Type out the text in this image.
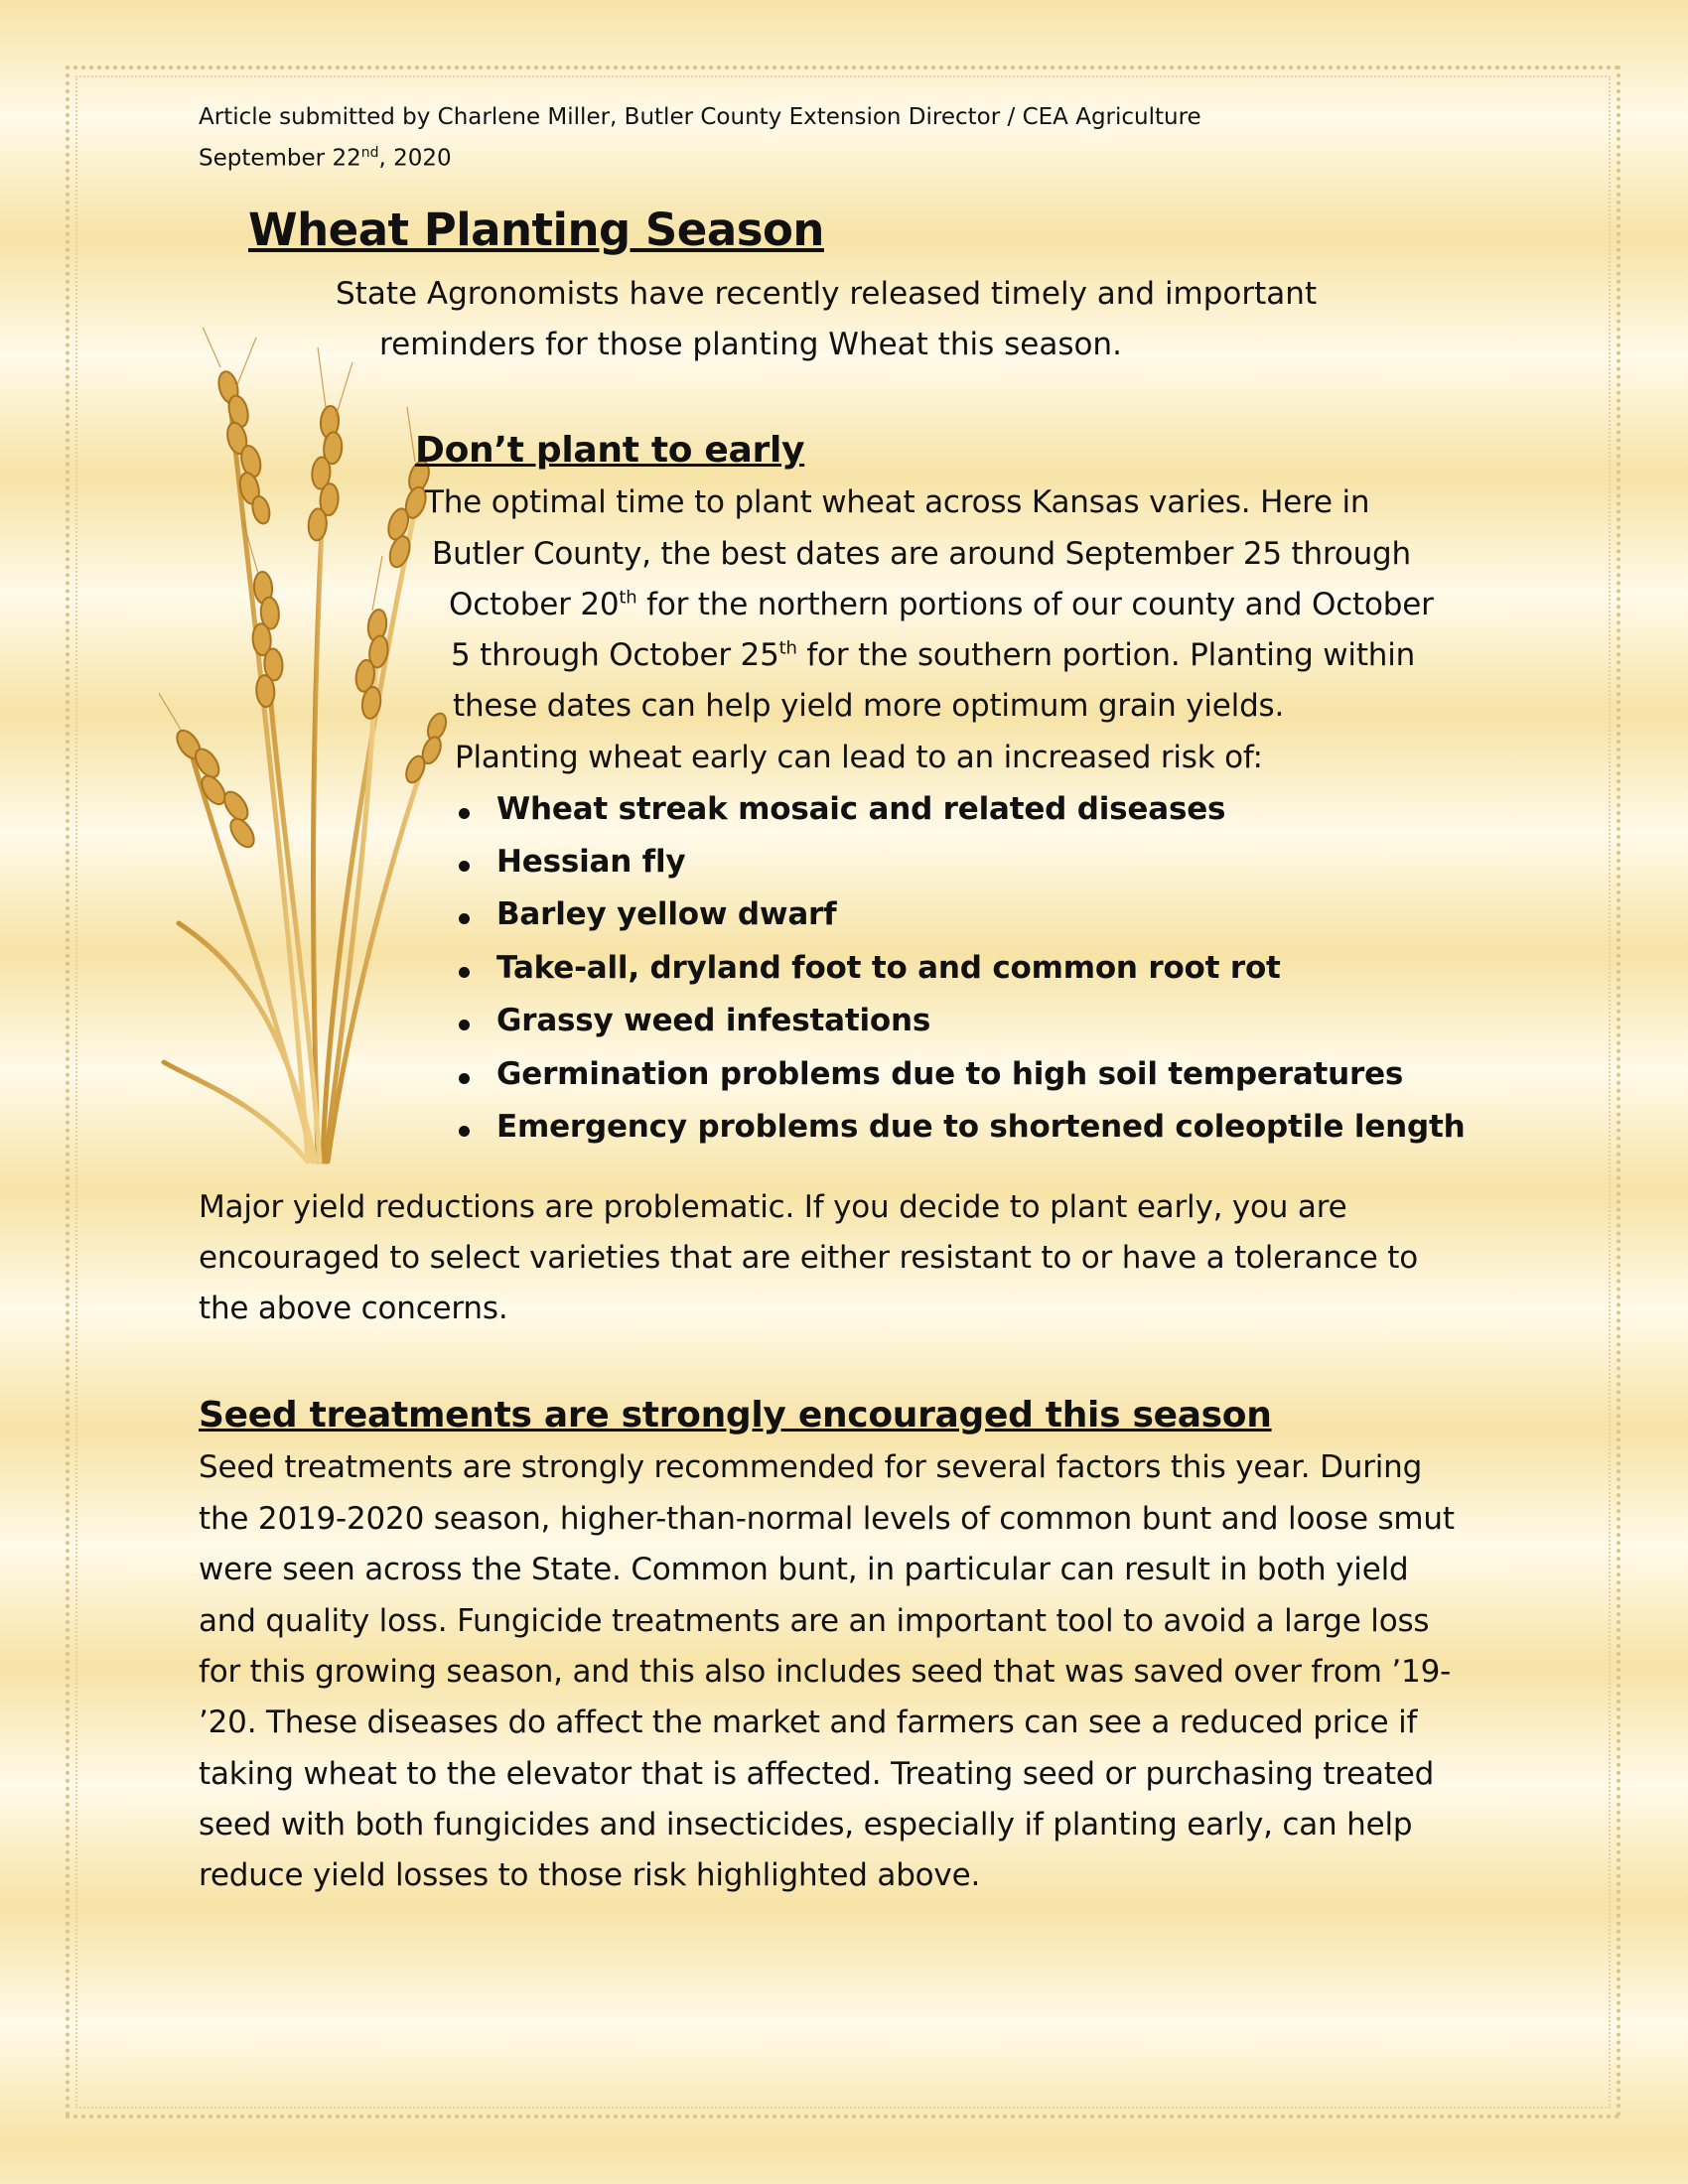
Article submitted by Charlene Miller, Butler County Extension Director / CEA Agriculture
September 22nd, 2020
Wheat Planting Season
State Agronomists have recently released timely and important
reminders for those planting Wheat this season.
Don’t plant to early
The optimal time to plant wheat across Kansas varies. Here in
Butler County, the best dates are around September 25 through
October 20th for the northern portions of our county and October
5 through October 25th for the southern portion. Planting within
these dates can help yield more optimum grain yields.
Planting wheat early can lead to an increased risk of:
Wheat streak mosaic and related diseases
Hessian fly
Barley yellow dwarf
Take-all, dryland foot to and common root rot
Grassy weed infestations
Germination problems due to high soil temperatures
Emergency problems due to shortened coleoptile length
Major yield reductions are problematic. If you decide to plant early, you are
encouraged to select varieties that are either resistant to or have a tolerance to
the above concerns.
Seed treatments are strongly encouraged this season
Seed treatments are strongly recommended for several factors this year. During
the 2019-2020 season, higher-than-normal levels of common bunt and loose smut
were seen across the State. Common bunt, in particular can result in both yield
and quality loss. Fungicide treatments are an important tool to avoid a large loss
for this growing season, and this also includes seed that was saved over from ’19-
’20. These diseases do affect the market and farmers can see a reduced price if
taking wheat to the elevator that is affected. Treating seed or purchasing treated
seed with both fungicides and insecticides, especially if planting early, can help
reduce yield losses to those risk highlighted above.
